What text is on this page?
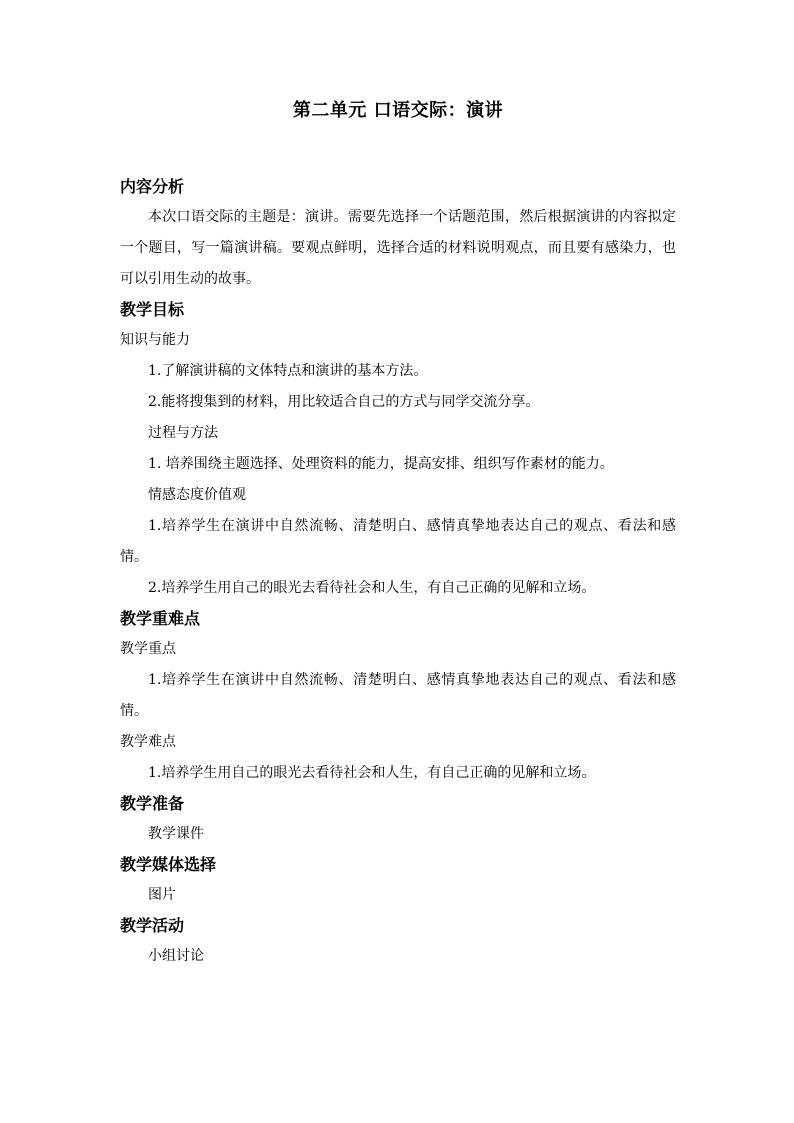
第二单元 口语交际：演讲
内容分析
本次口语交际的主题是：演讲。需要先选择一个话题范围，然后根据演讲的内容拟定一个题目，写一篇演讲稿。要观点鲜明，选择合适的材料说明观点，而且要有感染力，也可以引用生动的故事。
教学目标
知识与能力
1.了解演讲稿的文体特点和演讲的基本方法。
2.能将搜集到的材料，用比较适合自己的方式与同学交流分享。
过程与方法
1. 培养围绕主题选择、处理资料的能力，提高安排、组织写作素材的能力。
情感态度价值观
1.培养学生在演讲中自然流畅、清楚明白、感情真挚地表达自己的观点、看法和感情。
2.培养学生用自己的眼光去看待社会和人生，有自己正确的见解和立场。
教学重难点
教学重点
1.培养学生在演讲中自然流畅、清楚明白、感情真挚地表达自己的观点、看法和感情。
教学难点
1.培养学生用自己的眼光去看待社会和人生，有自己正确的见解和立场。
教学准备
教学课件
教学媒体选择
图片
教学活动
小组讨论
